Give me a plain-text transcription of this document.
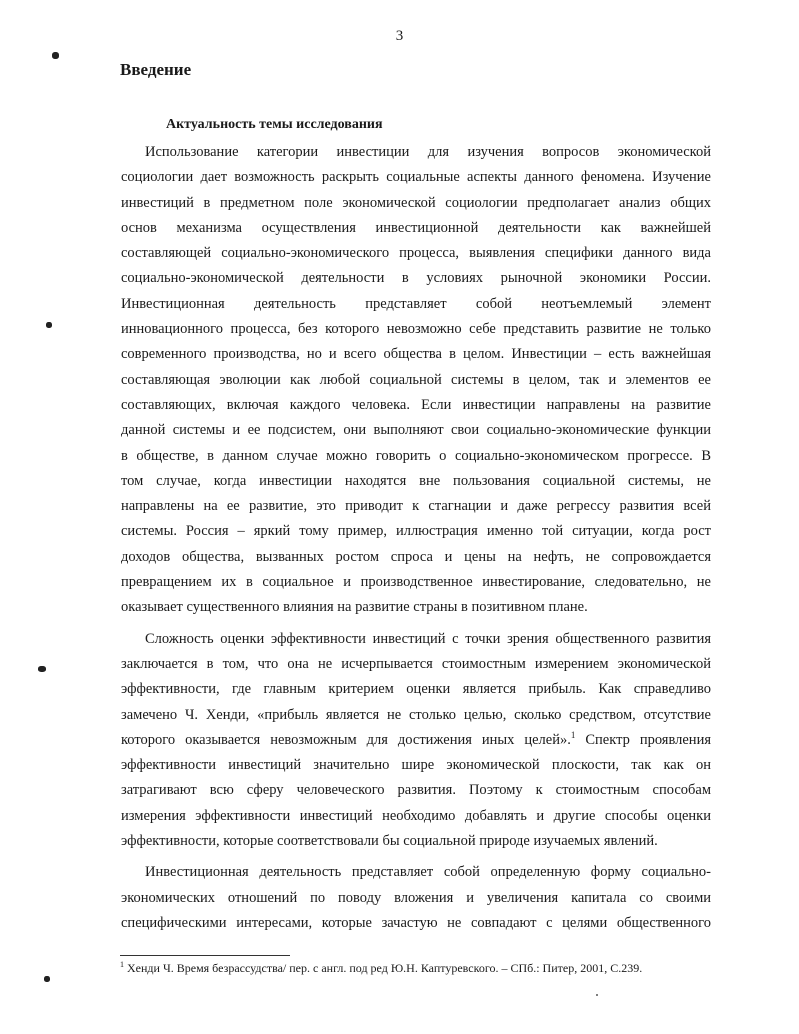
3
Введение
Актуальность темы исследования
Использование категории инвестиции для изучения вопросов экономической
социологии дает возможность раскрыть социальные аспекты данного феномена. Изучение
инвестиций в предметном поле экономической социологии предполагает анализ общих
основ механизма осуществления инвестиционной деятельности как важнейшей
составляющей социально-экономического процесса, выявления специфики данного вида
социально-экономической деятельности в условиях рыночной экономики России.
Инвестиционная деятельность представляет собой неотъемлемый элемент
инновационного процесса, без которого невозможно себе представить развитие не только
современного производства, но и всего общества в целом. Инвестиции – есть важнейшая
составляющая эволюции как любой социальной системы в целом, так и элементов ее
составляющих, включая каждого человека. Если инвестиции направлены на развитие
данной системы и ее подсистем, они выполняют свои социально-экономические функции
в обществе, в данном случае можно говорить о социально-экономическом прогрессе. В
том случае, когда инвестиции находятся вне пользования социальной системы, не
направлены на ее развитие, это приводит к стагнации и даже регрессу развития всей
системы. Россия – яркий тому пример, иллюстрация именно той ситуации, когда рост
доходов общества, вызванных ростом спроса и цены на нефть, не сопровождается
превращением их в социальное и производственное инвестирование, следовательно, не
оказывает существенного влияния на развитие страны в позитивном плане.
Сложность оценки эффективности инвестиций с точки зрения общественного развития
заключается в том, что она не исчерпывается стоимостным измерением экономической
эффективности, где главным критерием оценки является прибыль. Как справедливо
замечено Ч. Хенди, «прибыль является не столько целью, сколько средством, отсутствие
которого оказывается невозможным для достижения иных целей».$^1$ Спектр проявления
эффективности инвестиций значительно шире экономической плоскости, так как он
затрагивают всю сферу человеческого развития. Поэтому к стоимостным способам
измерения эффективности инвестиций необходимо добавлять и другие способы оценки
эффективности, которые соответствовали бы социальной природе изучаемых явлений.
Инвестиционная деятельность представляет собой определенную форму социально-
экономических отношений по поводу вложения и увеличения капитала со своими
специфическими интересами, которые зачастую не совпадают с целями общественного
$^1$ Хенди Ч. Время безрассудства/ пер. с англ. под ред Ю.Н. Каптуревского. – СПб.: Питер, 2001, С.239.
